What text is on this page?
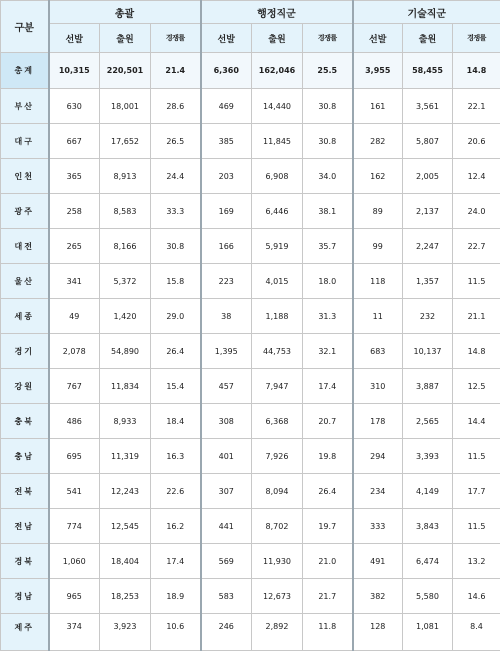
구분	총괄			행정직군			기술직군		
	선발	출원	경쟁률	선발	출원	경쟁률	선발	출원	경쟁률
총계	10,315	220,501	21.4	6,360	162,046	25.5	3,955	58,455	14.8
부산	630	18,001	28.6	469	14,440	30.8	161	3,561	22.1
대구	667	17,652	26.5	385	11,845	30.8	282	5,807	20.6
인천	365	8,913	24.4	203	6,908	34.0	162	2,005	12.4
광주	258	8,583	33.3	169	6,446	38.1	89	2,137	24.0
대전	265	8,166	30.8	166	5,919	35.7	99	2,247	22.7
울산	341	5,372	15.8	223	4,015	18.0	118	1,357	11.5
세종	49	1,420	29.0	38	1,188	31.3	11	232	21.1
경기	2,078	54,890	26.4	1,395	44,753	32.1	683	10,137	14.8
강원	767	11,834	15.4	457	7,947	17.4	310	3,887	12.5
충북	486	8,933	18.4	308	6,368	20.7	178	2,565	14.4
충남	695	11,319	16.3	401	7,926	19.8	294	3,393	11.5
전북	541	12,243	22.6	307	8,094	26.4	234	4,149	17.7
전남	774	12,545	16.2	441	8,702	19.7	333	3,843	11.5
경북	1,060	18,404	17.4	569	11,930	21.0	491	6,474	13.2
경남	965	18,253	18.9	583	12,673	21.7	382	5,580	14.6
제주	374	3,923	10.6	246	2,892	11.8	128	1,081	8.4
